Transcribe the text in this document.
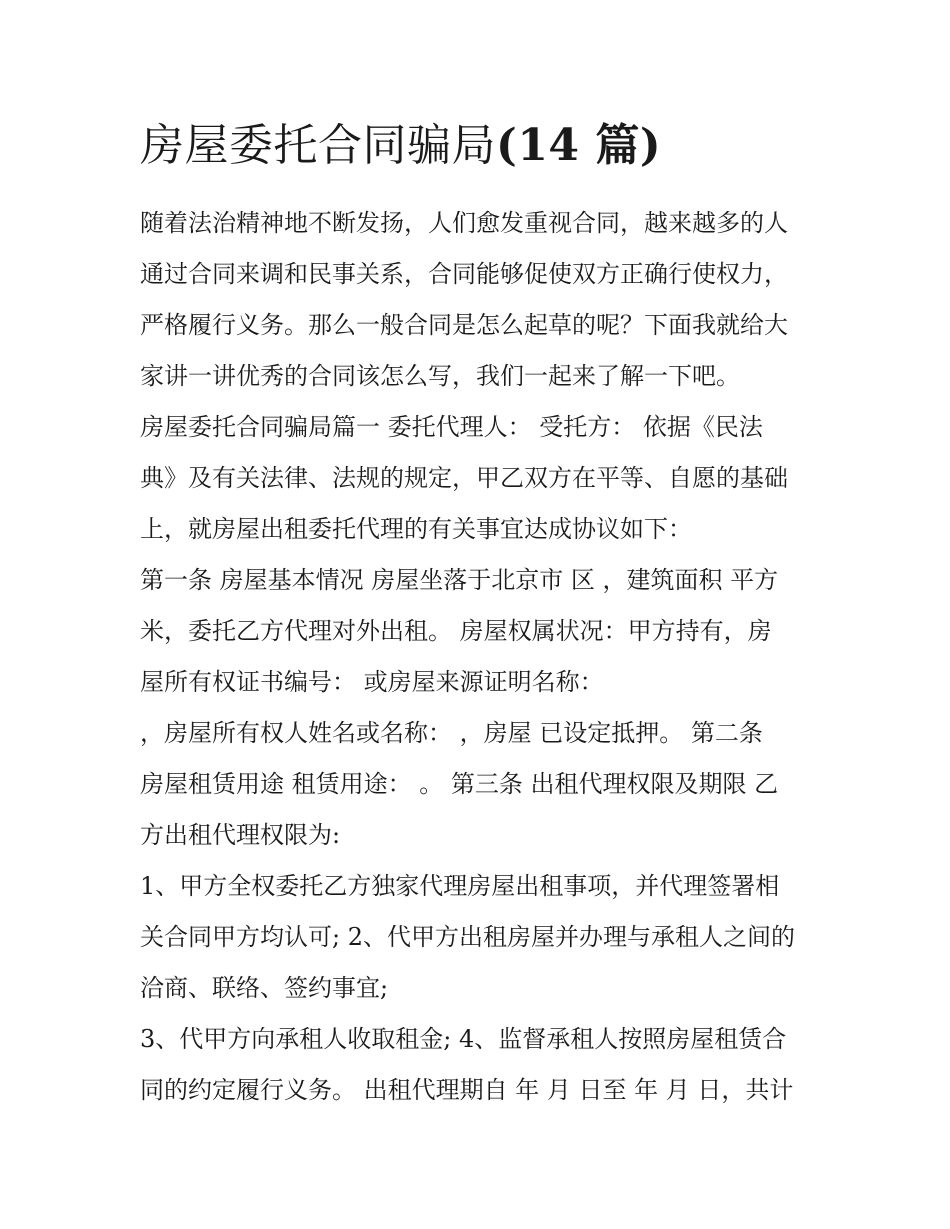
房屋委托合同骗局(14 篇)

随着法治精神地不断发扬，人们愈发重视合同，越来越多的人

通过合同来调和民事关系，合同能够促使双方正确行使权力，

严格履行义务。那么一般合同是怎么起草的呢？下面我就给大

家讲一讲优秀的合同该怎么写，我们一起来了解一下吧。

房屋委托合同骗局篇一 委托代理人： 受托方： 依据《民法

典》及有关法律、法规的规定，甲乙双方在平等、自愿的基础

上，就房屋出租委托代理的有关事宜达成协议如下：

第一条 房屋基本情况 房屋坐落于北京市 区 ，建筑面积 平方

米，委托乙方代理对外出租。 房屋权属状况：甲方持有，房

屋所有权证书编号： 或房屋来源证明名称：

，房屋所有权人姓名或名称： ，房屋 已设定抵押。 第二条

房屋租赁用途 租赁用途： 。 第三条 出租代理权限及期限 乙

方出租代理权限为:

1、甲方全权委托乙方独家代理房屋出租事项，并代理签署相

关合同甲方均认可; 2、代甲方出租房屋并办理与承租人之间的

洽商、联络、签约事宜;

3、代甲方向承租人收取租金; 4、监督承租人按照房屋租赁合

同的约定履行义务。 出租代理期自 年 月 日至 年 月 日，共计
